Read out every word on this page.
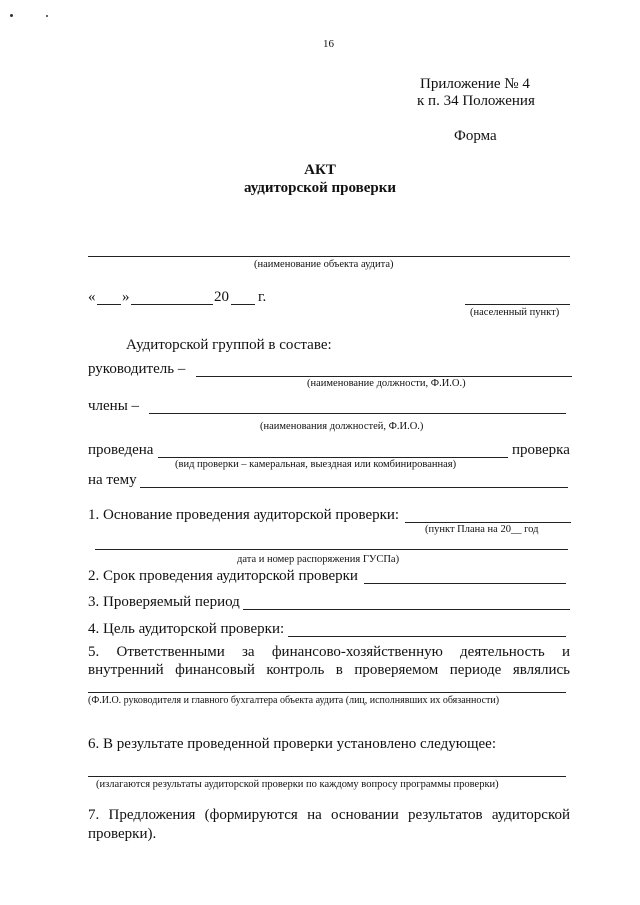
16
Приложение № 4
к п. 34 Положения
Форма
АКТ
аудиторской проверки
(наименование объекта аудита)
« »	20 г.
(населенный пункт)
Аудиторской группой в составе:
руководитель –
(наименование должности, Ф.И.О.)
члены –
(наименования должностей, Ф.И.О.)
проведена	проверка
(вид проверки – камеральная, выездная или комбинированная)
на тему
1. Основание проведения аудиторской проверки:
(пункт Плана на 20__ год
дата и номер распоряжения ГУСПа)
2. Срок проведения аудиторской проверки
3. Проверяемый период
4. Цель аудиторской проверки:
5. Ответственными за финансово-хозяйственную деятельность и
внутренний финансовый контроль в проверяемом периоде являлись
(Ф.И.О. руководителя и главного бухгалтера объекта аудита (лиц, исполнявших их обязанности)
6. В результате проведенной проверки установлено следующее:
(излагаются результаты аудиторской проверки по каждому вопросу программы проверки)
7. Предложения (формируются на основании результатов аудиторской
проверки).
